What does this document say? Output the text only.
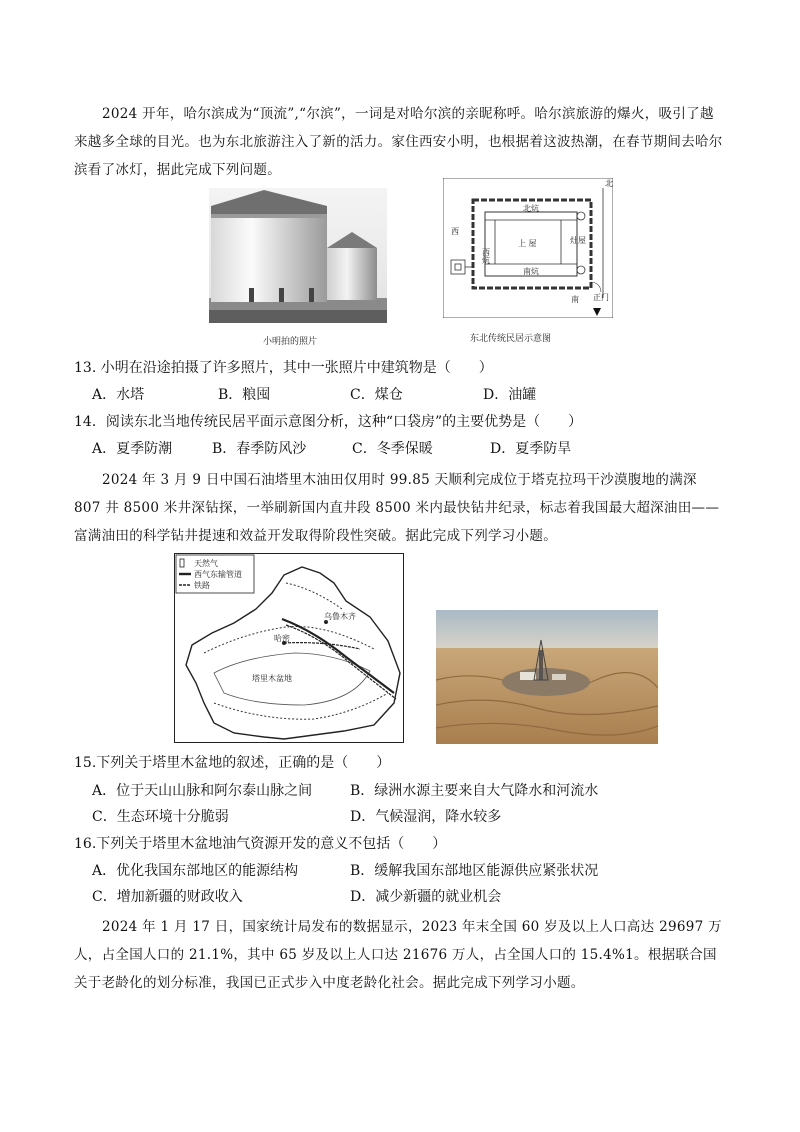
2024 开年，哈尔滨成为“顶流”,“尔滨”，一词是对哈尔滨的亲昵称呼。哈尔滨旅游的爆火，吸引了越来越多全球的目光。也为东北旅游注入了新的活力。家住西安小明，也根据着这波热潮，在春节期间去哈尔滨看了冰灯，据此完成下列问题。

小明拍的照片
北
北炕
西
西炕
上 屋	灶屋
南炕
南 正门
东北传统民居示意图

13. 小明在沿途拍摄了许多照片，其中一张照片中建筑物是（　　）

A．水塔	B．粮囤	C．煤仓	D．油罐

14．阅读东北当地传统民居平面示意图分析，这种“口袋房”的主要优势是（　　）

A．夏季防潮	B．春季防风沙	C．冬季保暖	D．夏季防旱

2024 年 3 月 9 日中国石油塔里木油田仅用时 99.85 天顺利完成位于塔克拉玛干沙漠腹地的满深 807 井 8500 米井深钻探，一举刷新国内直井段 8500 米内最快钻井纪录，标志着我国最大超深油田——富满油田的科学钻井提速和效益开发取得阶段性突破。据此完成下列学习小题。

天然气
西气东输管道
铁路
乌鲁木齐
哈密
塔里木盆地

15.下列关于塔里木盆地的叙述，正确的是（　　）

A．位于天山山脉和阿尔泰山脉之间	B．绿洲水源主要来自大气降水和河流水

C．生态环境十分脆弱	D．气候湿润，降水较多

16.下列关于塔里木盆地油气资源开发的意义不包括（　　）

A．优化我国东部地区的能源结构	B．缓解我国东部地区能源供应紧张状况

C．增加新疆的财政收入	D．减少新疆的就业机会

2024 年 1 月 17 日，国家统计局发布的数据显示，2023 年末全国 60 岁及以上人口高达 29697 万人，占全国人口的 21.1%，其中 65 岁及以上人口达 21676 万人，占全国人口的 15.4%1。根据联合国关于老龄化的划分标准，我国已正式步入中度老龄化社会。据此完成下列学习小题。
